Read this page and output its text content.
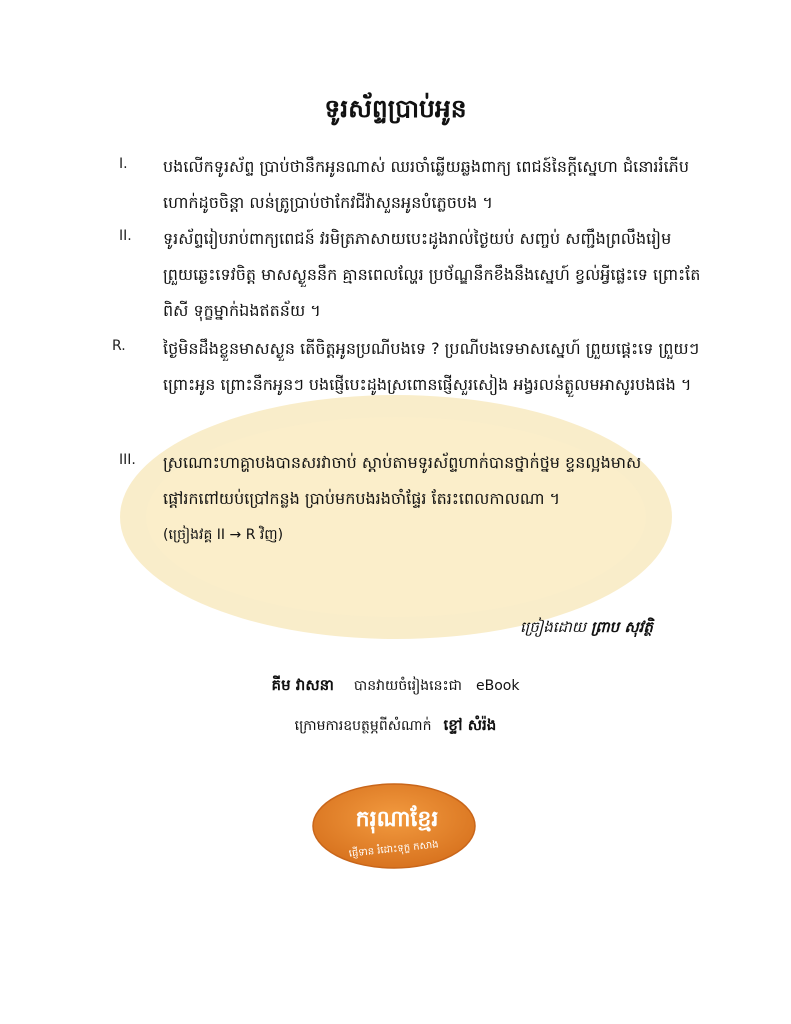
ទូរស័ព្ទប្រាប់អូន
I.	បងលើកទូរស័ព្ទ ប្រាប់ថានឹកអូនណាស់ ឈរចាំឆ្លើយឆ្លងពាក្យ ពេជន៍នៃក្ដីស្នេហា ជំនោររំភើបហោក់ដូចចិន្ដា លន់ត្រូប្រាប់ថាកែវជីវ៉ាសួនអូនបំភ្លេចបង ។
II.	ទូរស័ព្ទរៀបរាប់ពាក្យពេជន៍ វរមិត្រភាសាយបេះដូងរាល់ថ្ងៃយប់ សញ្ចប់ សញ្ជឹងព្រលឹងរៀមព្រួយឆ្ងេះទេវចិត្ត មាសស្ងួននឹក គ្មានពេលល្ហែរ ប្រថ័ណ្ឌនឹកខឹងនឹងស្នេហ៍ ខ្វល់អ្វីផ្លេះទេ ព្រោះតែពិសី ទុក្ខម្នាក់ឯងឥតន័យ ។
R.	ថ្ងៃមិនដឹងខ្លួនមាសស្ងួន តើចិត្តអូនប្រណីបងទេ ? ប្រណីបងទេមាសស្នេហ៍ ព្រួយផ្ដេះទេ ព្រួយៗព្រោះអូន ព្រោះនឹកអូនៗ បងផ្ញើបេះដូងស្រពោនផ្ញើសួរសៀង អង្វរលន់ត្ងួលមអាសូរបងផង ។
III.	ស្រណោះហាគ្ហាបងបានសរវាចាប់ ស្ដាប់តាមទូរស័ព្ទហាក់បានថ្នាក់ថ្នម ខ្ទនល្អងមាសផ្ដៅរកពៅយប់ប្រៅកន្លង ប្រាប់មកបងរងចាំផ្ទែរ តែរះពេលកាលណា ។
(ច្រៀងវគ្គ II → R វិញ)
ច្រៀងដោយ ព្រាប សុវត្ថិ
គីម វាសនា បានវាយចំរៀងនេះជា eBook
ក្រោមការឧបត្ថម្ភពីសំណាក់ ខ្ទៅ សំរ៉ង
ករុណាខ្មែរ
ផ្ញើទាន រំដោះទុក្ខ កសាង
